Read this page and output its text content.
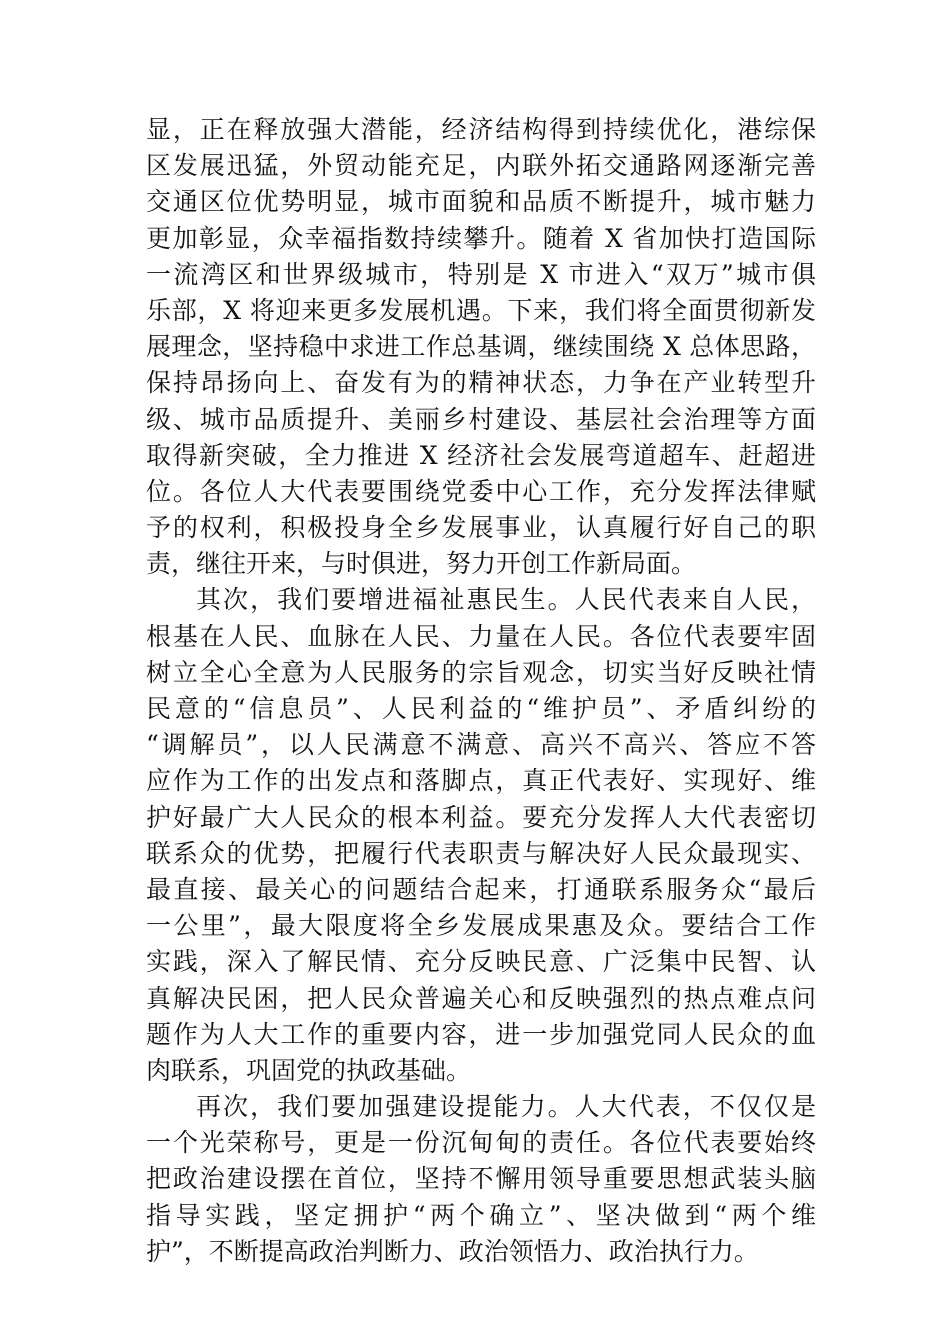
显，正在释放强大潜能，经济结构得到持续优化，港综保
区发展迅猛，外贸动能充足，内联外拓交通路网逐渐完善
交通区位优势明显，城市面貌和品质不断提升，城市魅力
更加彰显，众幸福指数持续攀升。随着 X 省加快打造国际
一流湾区和世界级城市，特别是 X 市进入“双万”城市俱
乐部，X 将迎来更多发展机遇。下来，我们将全面贯彻新发
展理念，坚持稳中求进工作总基调，继续围绕 X 总体思路，
保持昂扬向上、奋发有为的精神状态，力争在产业转型升
级、城市品质提升、美丽乡村建设、基层社会治理等方面
取得新突破，全力推进 X 经济社会发展弯道超车、赶超进
位。各位人大代表要围绕党委中心工作，充分发挥法律赋
予的权利，积极投身全乡发展事业，认真履行好自己的职
责，继往开来，与时俱进，努力开创工作新局面。
其次，我们要增进福祉惠民生。人民代表来自人民，
根基在人民、血脉在人民、力量在人民。各位代表要牢固
树立全心全意为人民服务的宗旨观念，切实当好反映社情
民意的“信息员”、人民利益的“维护员”、矛盾纠纷的
“调解员”，以人民满意不满意、高兴不高兴、答应不答
应作为工作的出发点和落脚点，真正代表好、实现好、维
护好最广大人民众的根本利益。要充分发挥人大代表密切
联系众的优势，把履行代表职责与解决好人民众最现实、
最直接、最关心的问题结合起来，打通联系服务众“最后
一公里”，最大限度将全乡发展成果惠及众。要结合工作
实践，深入了解民情、充分反映民意、广泛集中民智、认
真解决民困，把人民众普遍关心和反映强烈的热点难点问
题作为人大工作的重要内容，进一步加强党同人民众的血
肉联系，巩固党的执政基础。
再次，我们要加强建设提能力。人大代表，不仅仅是
一个光荣称号，更是一份沉甸甸的责任。各位代表要始终
把政治建设摆在首位，坚持不懈用领导重要思想武装头脑
指导实践，坚定拥护“两个确立”、坚决做到“两个维
护”，不断提高政治判断力、政治领悟力、政治执行力。
